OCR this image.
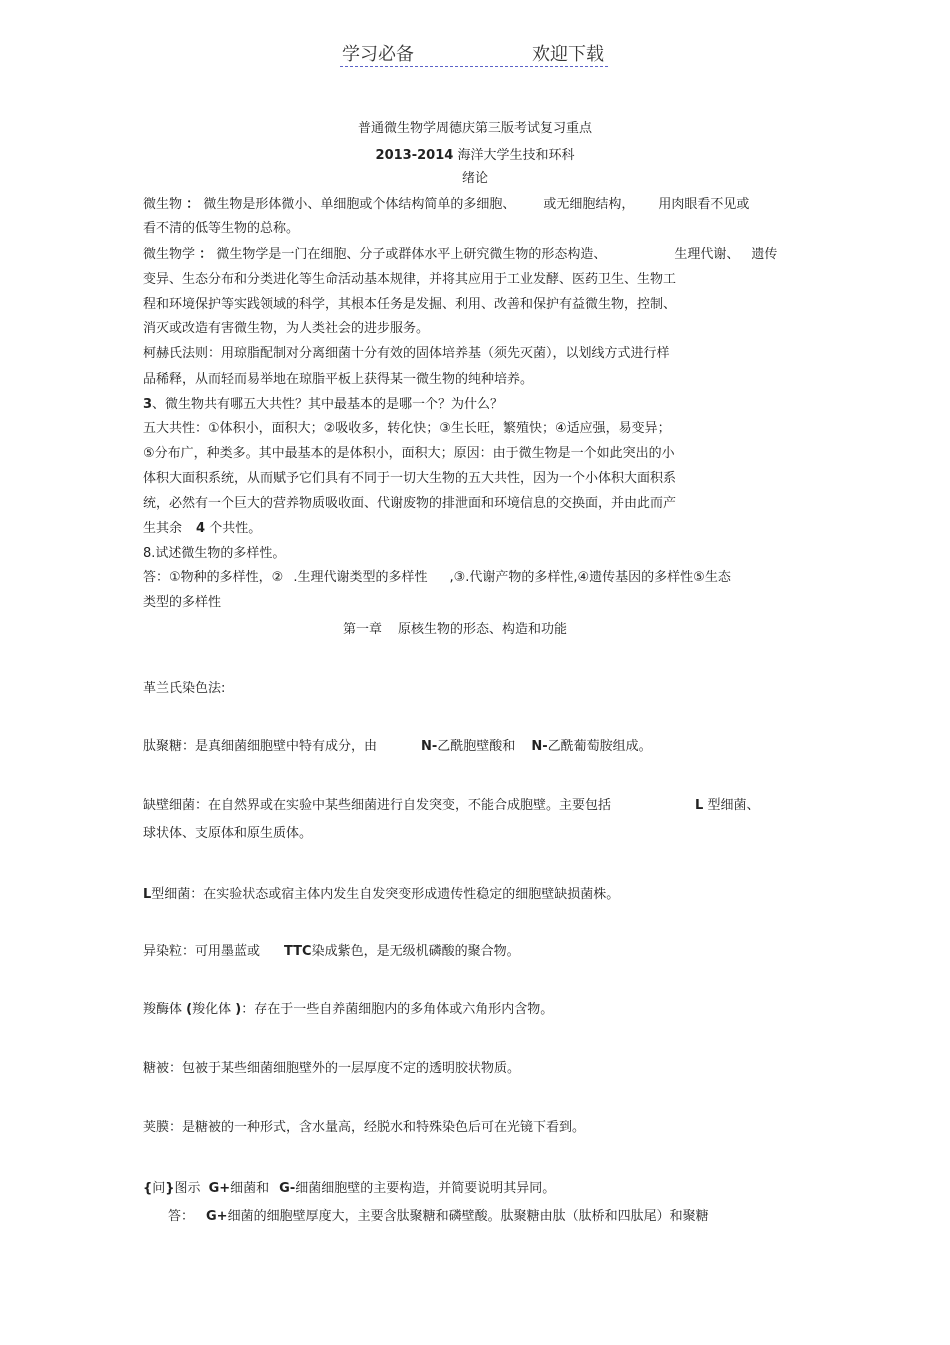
学习必备	欢迎下载
普通微生物学周德庆第三版考试复习重点
2013-2014 海洋大学生技和环科
绪论
微生物 ： 微生物是形体微小、单细胞或个体结构简单的多细胞、 或无细胞结构， 用肉眼看不见或
看不清的低等生物的总称。
微生物学 ： 微生物学是一门在细胞、分子或群体水平上研究微生物的形态构造、	生理代谢、 遗传
变异、生态分布和分类进化等生命活动基本规律，并将其应用于工业发酵、医药卫生、生物工
程和环境保护等实践领域的科学，其根本任务是发掘、利用、改善和保护有益微生物，控制、
消灭或改造有害微生物，为人类社会的进步服务。
柯赫氏法则：用琼脂配制对分离细菌十分有效的固体培养基（须先灭菌），以划线方式进行样
品稀释，从而轻而易举地在琼脂平板上获得某一微生物的纯种培养。
3、微生物共有哪五大共性？其中最基本的是哪一个？为什么？
五大共性：①体积小，面积大；②吸收多，转化快；③生长旺，繁殖快；④适应强，易变异；
⑤分布广，种类多。其中最基本的是体积小，面积大；原因：由于微生物是一个如此突出的小
体积大面积系统，从而赋予它们具有不同于一切大生物的五大共性，因为一个小体积大面积系
统，必然有一个巨大的营养物质吸收面、代谢废物的排泄面和环境信息的交换面，并由此而产
生其余 4 个共性。
8.试述微生物的多样性。
答：①物种的多样性，② .生理代谢类型的多样性 ,③.代谢产物的多样性,④遗传基因的多样性⑤生态
类型的多样性
第一章 原核生物的形态、构造和功能
革兰氏染色法:
肽聚糖：是真细菌细胞壁中特有成分，由	N-乙酰胞壁酸和 N-乙酰葡萄胺组成。
缺壁细菌：在自然界或在实验中某些细菌进行自发突变，不能合成胞壁。主要包括	L 型细菌、
球状体、支原体和原生质体。
L型细菌：在实验状态或宿主体内发生自发突变形成遗传性稳定的细胞壁缺损菌株。
异染粒：可用墨蓝或 TTC染成紫色，是无级机磷酸的聚合物。
羧酶体 (羧化体 )：存在于一些自养菌细胞内的多角体或六角形内含物。
糖被：包被于某些细菌细胞壁外的一层厚度不定的透明胶状物质。
荚膜：是糖被的一种形式，含水量高，经脱水和特殊染色后可在光镜下看到。
{问}图示 G+细菌和 G-细菌细胞壁的主要构造，并简要说明其异同。
答： G+细菌的细胞壁厚度大，主要含肽聚糖和磷壁酸。肽聚糖由肽（肽桥和四肽尾）和聚糖
